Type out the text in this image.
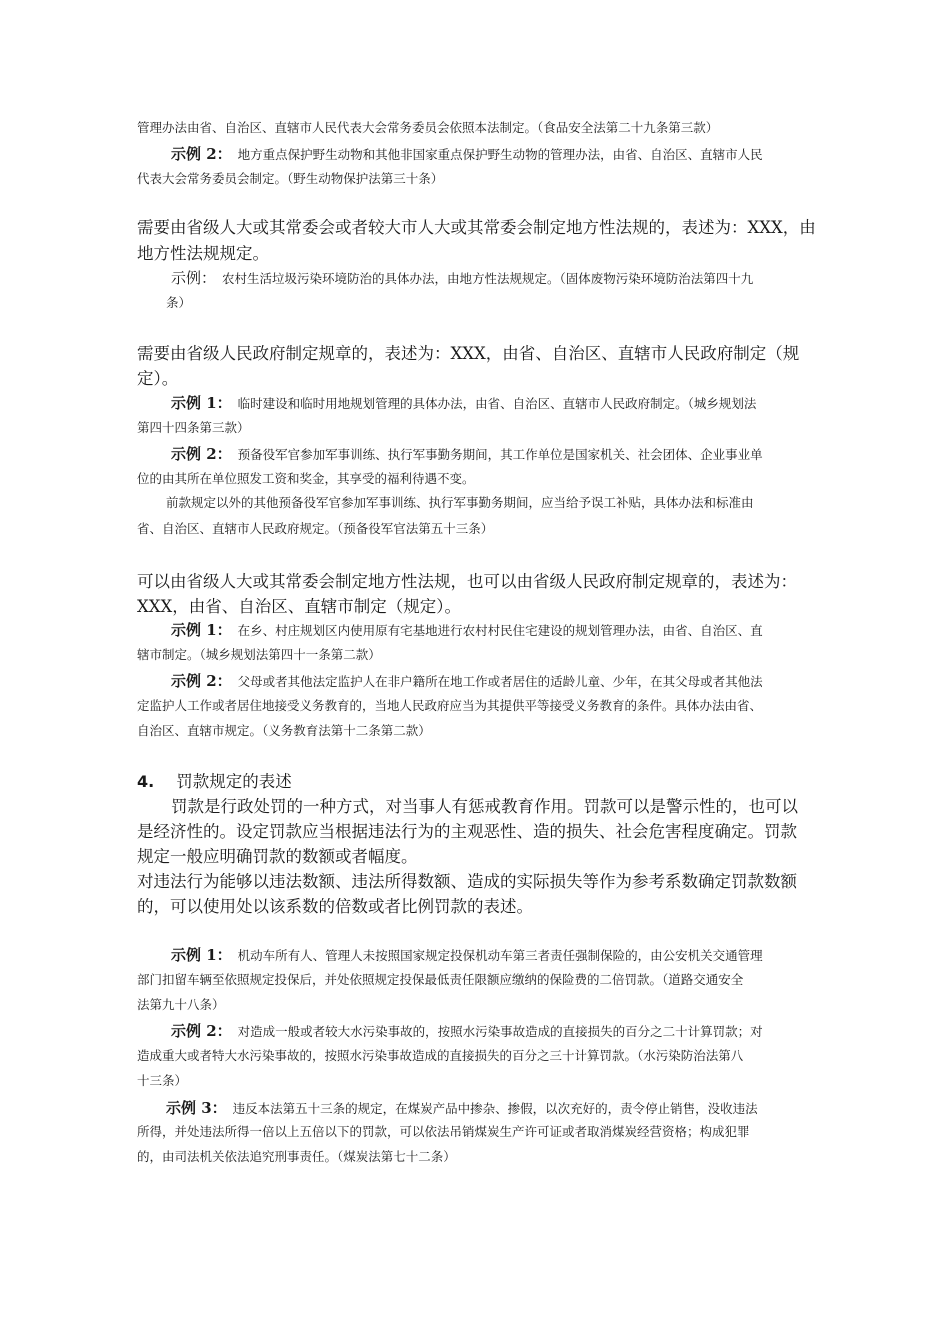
管理办法由省、自治区、直辖市人民代表大会常务委员会依照本法制定。（食品安全法第二十九条第三款）
示例 2： 地方重点保护野生动物和其他非国家重点保护野生动物的管理办法，由省、自治区、直辖市人民
代表大会常务委员会制定。（野生动物保护法第三十条）
需要由省级人大或其常委会或者较大市人大或其常委会制定地方性法规的，表述为：XXX，由
地方性法规规定。
示例： 农村生活垃圾污染环境防治的具体办法，由地方性法规规定。（固体废物污染环境防治法第四十九
条）
需要由省级人民政府制定规章的，表述为：XXX，由省、自治区、直辖市人民政府制定（规
定）。
示例 1： 临时建设和临时用地规划管理的具体办法，由省、自治区、直辖市人民政府制定。（城乡规划法
第四十四条第三款）
示例 2： 预备役军官参加军事训练、执行军事勤务期间，其工作单位是国家机关、社会团体、企业事业单
位的由其所在单位照发工资和奖金，其享受的福利待遇不变。
前款规定以外的其他预备役军官参加军事训练、执行军事勤务期间，应当给予误工补贴，具体办法和标准由
省、自治区、直辖市人民政府规定。（预备役军官法第五十三条）
可以由省级人大或其常委会制定地方性法规，也可以由省级人民政府制定规章的，表述为：
XXX，由省、自治区、直辖市制定（规定）。
示例 1： 在乡、村庄规划区内使用原有宅基地进行农村村民住宅建设的规划管理办法，由省、自治区、直
辖市制定。（城乡规划法第四十一条第二款）
示例 2： 父母或者其他法定监护人在非户籍所在地工作或者居住的适龄儿童、少年，在其父母或者其他法
定监护人工作或者居住地接受义务教育的，当地人民政府应当为其提供平等接受义务教育的条件。具体办法由省、
自治区、直辖市规定。（义务教育法第十二条第二款）
4. 罚款规定的表述
罚款是行政处罚的一种方式，对当事人有惩戒教育作用。罚款可以是警示性的，也可以
是经济性的。设定罚款应当根据违法行为的主观恶性、造的损失、社会危害程度确定。罚款
规定一般应明确罚款的数额或者幅度。
对违法行为能够以违法数额、违法所得数额、造成的实际损失等作为参考系数确定罚款数额
的，可以使用处以该系数的倍数或者比例罚款的表述。
示例 1： 机动车所有人、管理人未按照国家规定投保机动车第三者责任强制保险的，由公安机关交通管理
部门扣留车辆至依照规定投保后，并处依照规定投保最低责任限额应缴纳的保险费的二倍罚款。（道路交通安全
法第九十八条）
示例 2： 对造成一般或者较大水污染事故的，按照水污染事故造成的直接损失的百分之二十计算罚款；对
造成重大或者特大水污染事故的，按照水污染事故造成的直接损失的百分之三十计算罚款。（水污染防治法第八
十三条）
示例 3： 违反本法第五十三条的规定，在煤炭产品中掺杂、掺假，以次充好的，责令停止销售，没收违法
所得，并处违法所得一倍以上五倍以下的罚款，可以依法吊销煤炭生产许可证或者取消煤炭经营资格；构成犯罪
的，由司法机关依法追究刑事责任。（煤炭法第七十二条）
